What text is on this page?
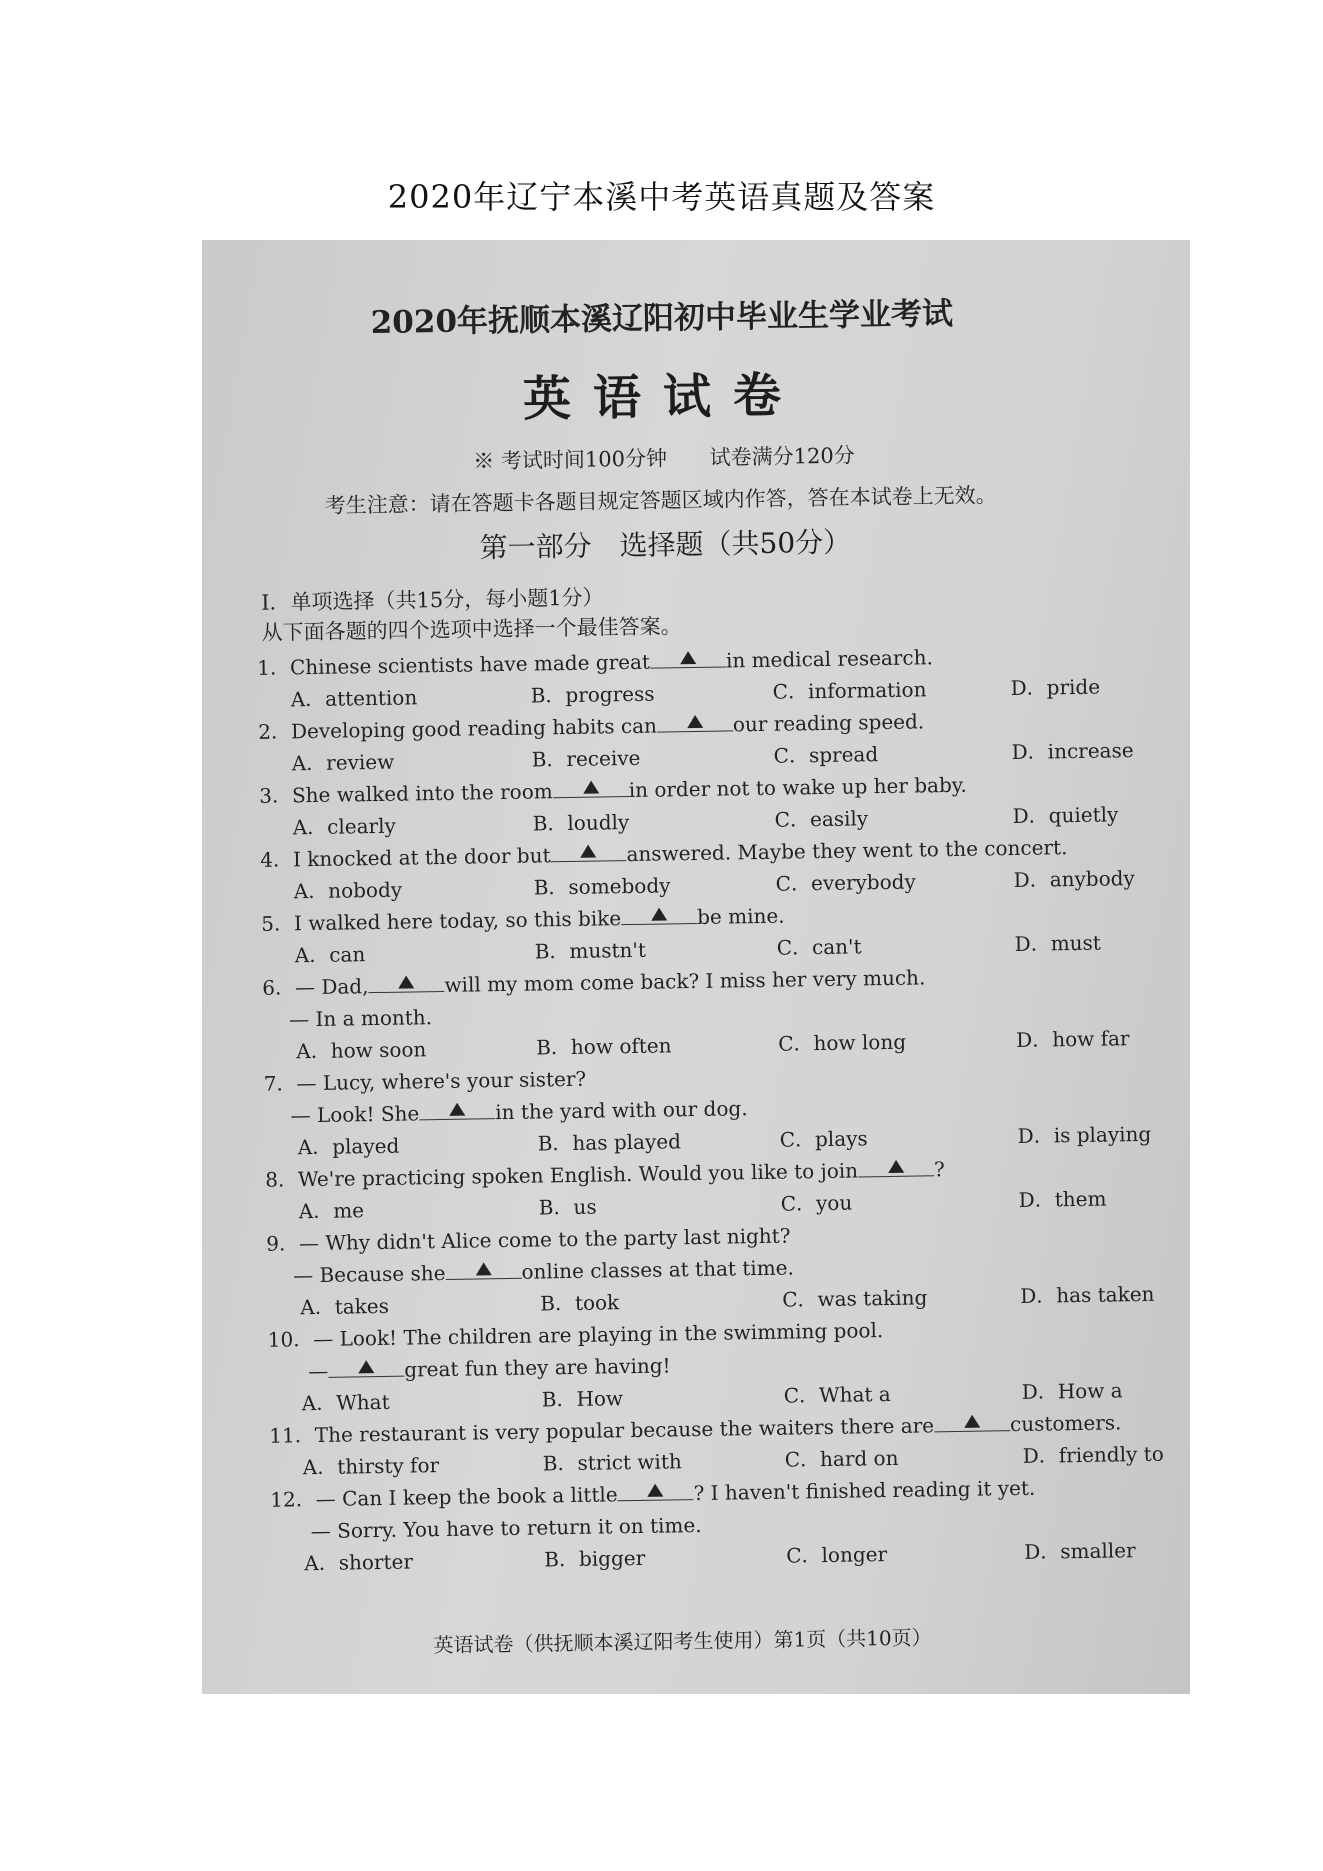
2020年辽宁本溪中考英语真题及答案
2020年抚顺本溪辽阳初中毕业生学业考试
英语试卷
※ 考试时间100分钟 试卷满分120分
考生注意：请在答题卡各题目规定答题区域内作答，答在本试卷上无效。
第一部分　选择题（共50分）
Ⅰ．单项选择（共15分，每小题1分）
从下面各题的四个选项中选择一个最佳答案。
1．Chinese scientists have made great	in medical research.
A．attention	B．progress	C．information	D．pride
2．Developing good reading habits can	our reading speed.
A．review	B．receive	C．spread	D．increase
3．She walked into the room	in order not to wake up her baby.
A．clearly	B．loudly	C．easily	D．quietly
4．I knocked at the door but	answered. Maybe they went to the concert.
A．nobody	B．somebody	C．everybody	D．anybody
5．I walked here today, so this bike	be mine.
A．can	B．mustn't	C．can't	D．must
6．— Dad,	will my mom come back? I miss her very much.
　 — In a month.
A．how soon	B．how often	C．how long	D．how far
7．— Lucy, where's your sister?
　 — Look! She	in the yard with our dog.
A．played	B．has played	C．plays	D．is playing
8．We're practicing spoken English. Would you like to join	?
A．me	B．us	C．you	D．them
9．— Why didn't Alice come to the party last night?
　 — Because she	online classes at that time.
A．takes	B．took	C．was taking	D．has taken
10．— Look! The children are playing in the swimming pool.
　　—	great fun they are having!
A．What	B．How	C．What a	D．How a
11．The restaurant is very popular because the waiters there are	customers.
A．thirsty for	B．strict with	C．hard on	D．friendly to
12．— Can I keep the book a little	? I haven't finished reading it yet.
　　— Sorry. You have to return it on time.
A．shorter	B．bigger	C．longer	D．smaller
英语试卷（供抚顺本溪辽阳考生使用）第1页（共10页）
